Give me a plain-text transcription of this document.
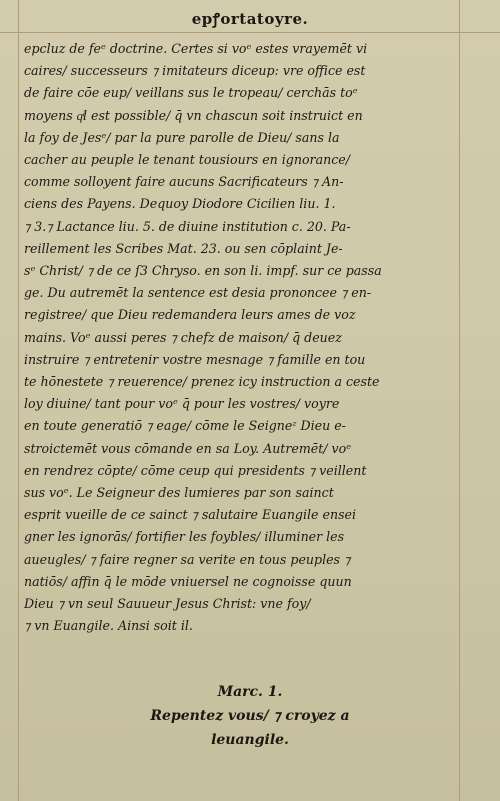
epꝭortatoyre.
epcluz de feᵉ doctrine. Certes si voᵉ estes vrayemēt vi
caires/ successeurs ⁊ imitateurs diceup: vre office est
de faire cōe eup/ veillans sus le tropeau/ cerchās toᵉ
moyens qͥl est possible/ q̄ vn chascun soit instruict en
la foy de Jesᵉ/ par la pure parolle de Dieu/ sans la
cacher au peuple le tenant tousiours en ignorance/
comme solloyent faire aucuns Sacrificateurs ⁊ An-
ciens des Payens. Dequoy Diodore Cicilien liu. 1.
⁊ 3.⁊ Lactance liu. 5. de diuine institution c. 20. Pa-
reillement les Scribes Mat. 23. ou sen cōplaint Je-
sᵉ Christ/ ⁊ de ce ſ3 Chryso. en son li. impf. sur ce passa
ge. Du autremēt la sentence est desia prononcee ⁊ en-
registree/ que Dieu redemandera leurs ames de voz
mains. Voᵉ aussi peres ⁊ chefz de maison/ q̄ deuez
instruire ⁊ entretenir vostre mesnage ⁊ famille en tou
te hōnestete ⁊ reuerence/ prenez icy instruction a ceste
loy diuine/ tant pour voᵉ q̄ pour les vostres/ voyre
en toute generatiō ⁊ eage/ cōme le Seigneᶻ Dieu e-
stroictemēt vous cōmande en sa Loy. Autremēt/ voᵉ
en rendrez cōpte/ cōme ceup qui presidents ⁊ veillent
sus voᵉ. Le Seigneur des lumieres par son sainct
esprit vueille de ce sainct ⁊ salutaire Euangile ensei
gner les ignorās/ fortifier les foybles/ illuminer les
aueugles/ ⁊ faire regner sa verite en tous peuples ⁊
natiōs/ affin q̄ le mōde vniuersel ne cognoisse quun
Dieu ⁊ vn seul Sauueur Jesus Christ: vne foy/
⁊ vn Euangile. Ainsi soit il.
Marc. 1.
Repentez vous/ ⁊ croyez a
leuangile.
